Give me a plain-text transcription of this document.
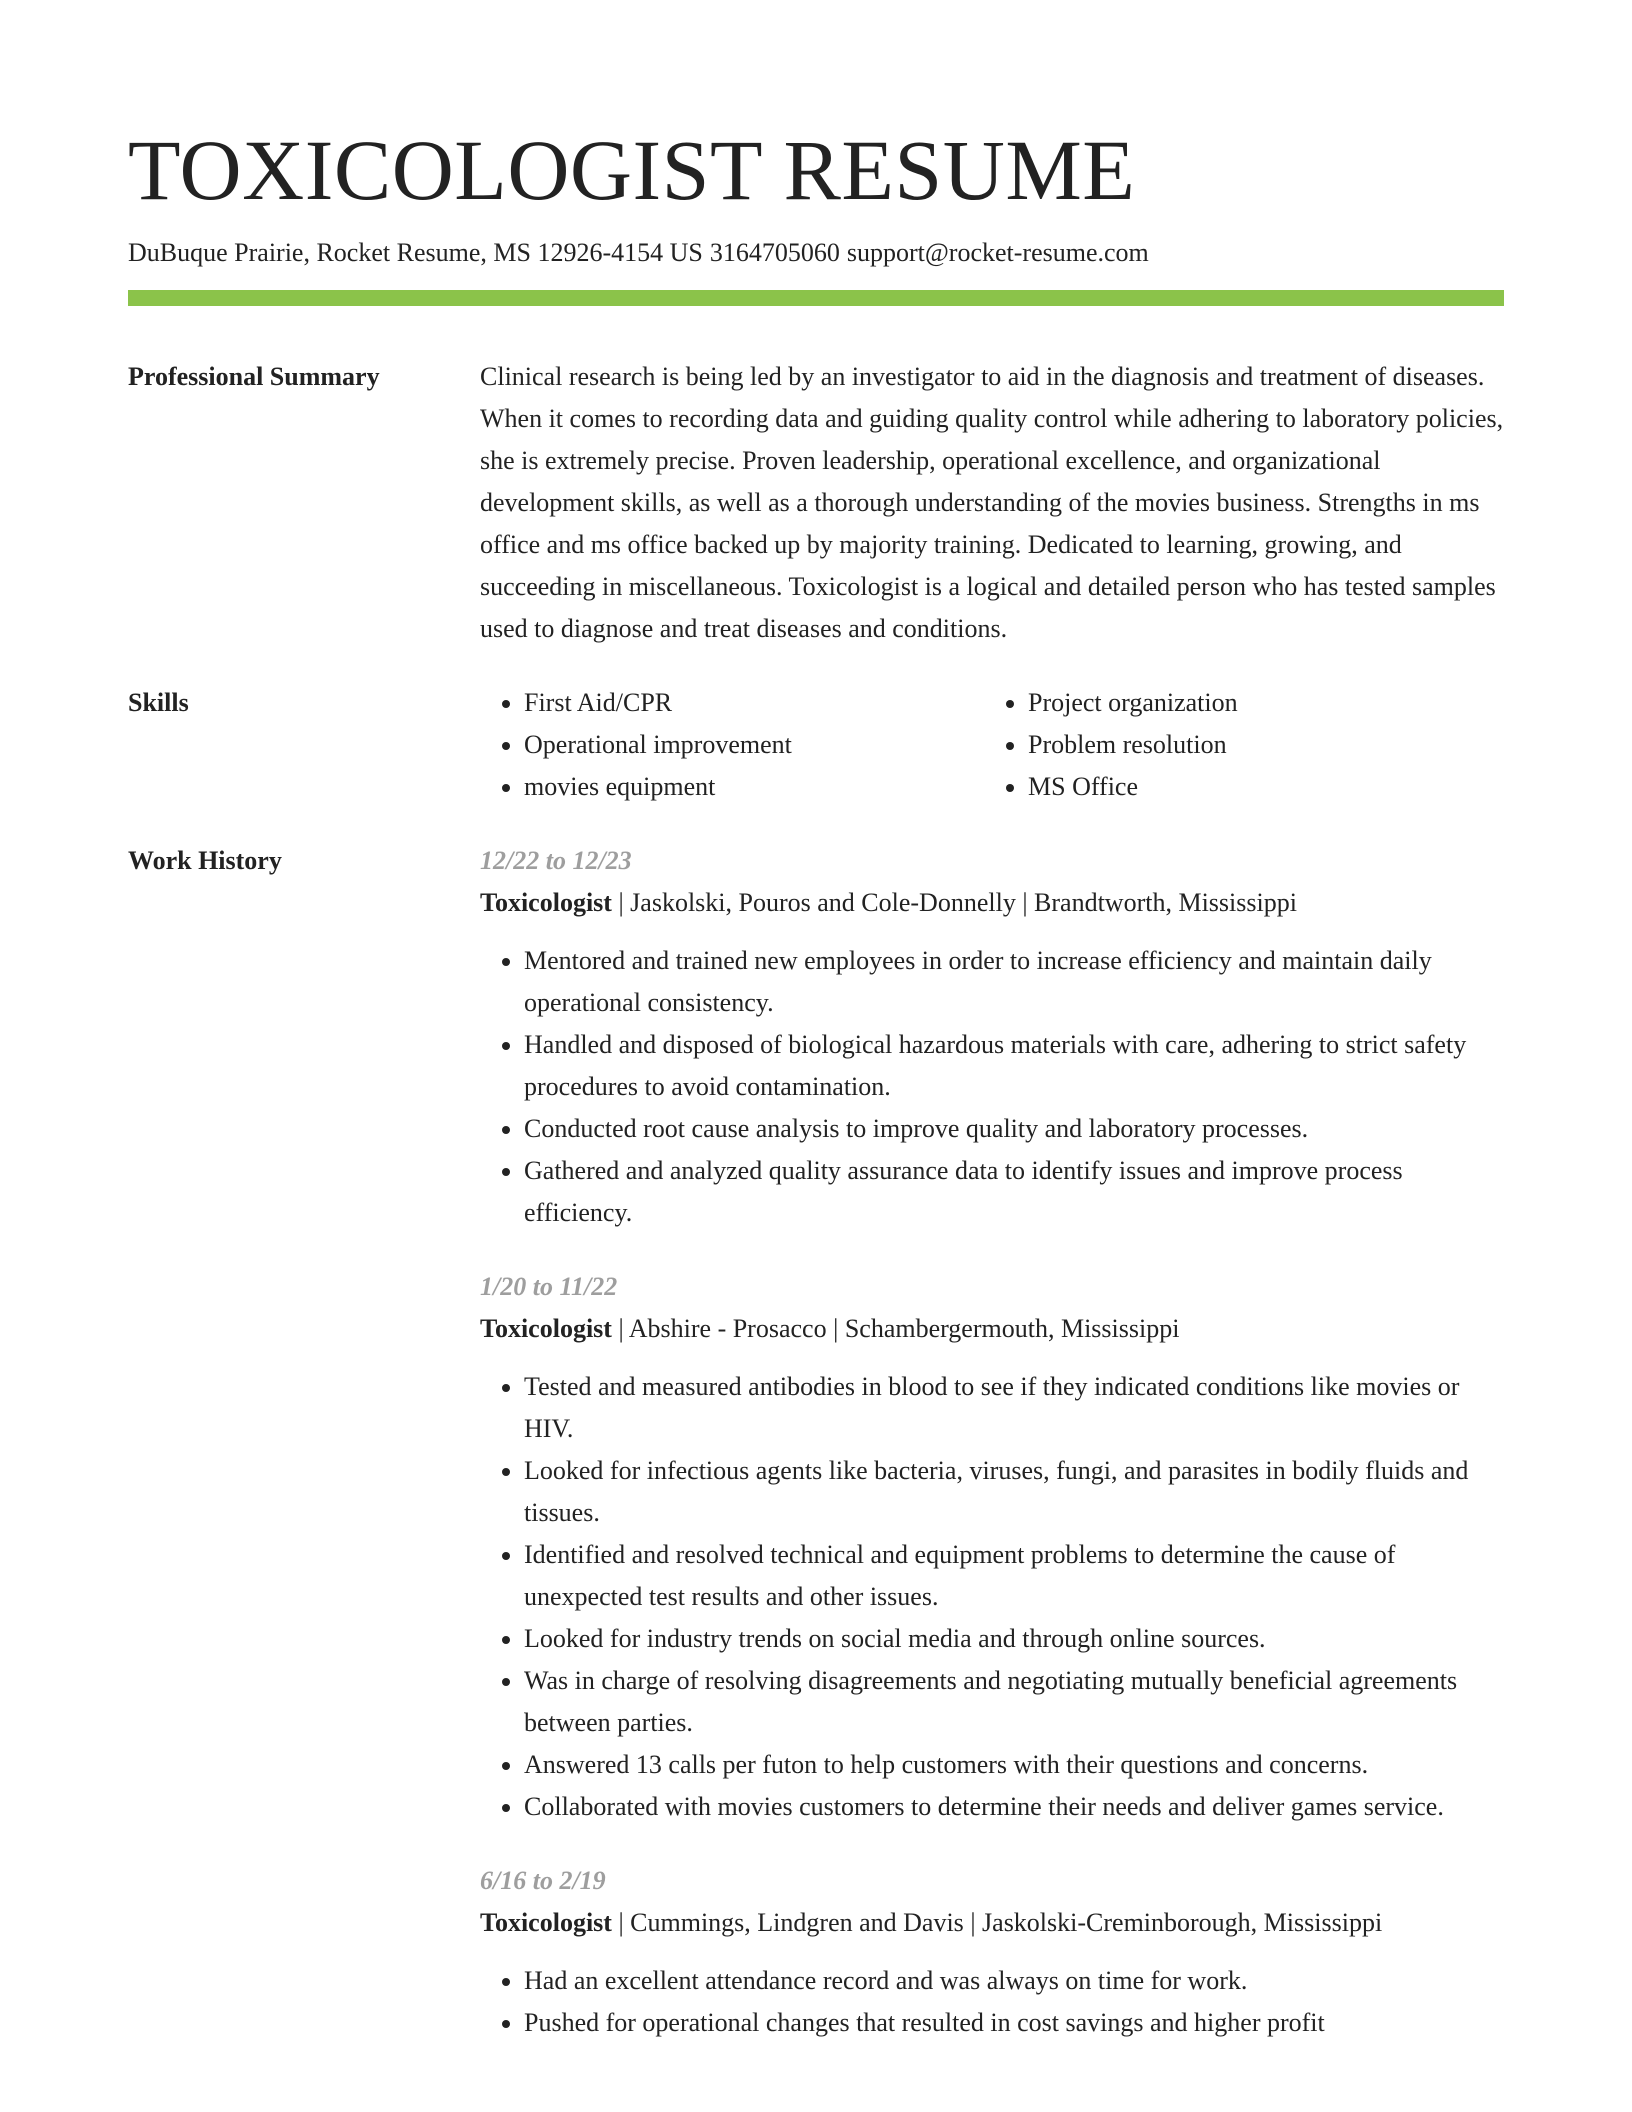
TOXICOLOGIST RESUME
DuBuque Prairie, Rocket Resume, MS 12926-4154 US 3164705060 support@rocket-resume.com
Professional Summary	Clinical research is being led by an investigator to aid in the diagnosis and treatment of diseases. When it comes to recording data and guiding quality control while adhering to laboratory policies, she is extremely precise. Proven leadership, operational excellence, and organizational development skills, as well as a thorough understanding of the movies business. Strengths in ms office and ms office backed up by majority training. Dedicated to learning, growing, and succeeding in miscellaneous. Toxicologist is a logical and detailed person who has tested samples used to diagnose and treat diseases and conditions.

Skills
•	First Aid/CPR
• Operational improvement
• movies equipment
• Project organization
• Problem resolution
• MS Office
Work History	12/22 to 12/23
Toxicologist | Jaskolski, Pouros and Cole-Donnelly | Brandtworth, Mississippi
• Mentored and trained new employees in order to increase efficiency and maintain daily operational consistency.
• Handled and disposed of biological hazardous materials with care, adhering to strict safety procedures to avoid contamination.
• Conducted root cause analysis to improve quality and laboratory processes.
• Gathered and analyzed quality assurance data to identify issues and improve process efficiency.
1/20 to 11/22
Toxicologist | Abshire - Prosacco | Schambergermouth, Mississippi
• Tested and measured antibodies in blood to see if they indicated conditions like movies or HIV.
• Looked for infectious agents like bacteria, viruses, fungi, and parasites in bodily fluids and tissues.
• Identified and resolved technical and equipment problems to determine the cause of unexpected test results and other issues.
• Looked for industry trends on social media and through online sources.
• Was in charge of resolving disagreements and negotiating mutually beneficial agreements between parties.
• Answered 13 calls per futon to help customers with their questions and concerns.
• Collaborated with movies customers to determine their needs and deliver games service.
6/16 to 2/19
Toxicologist | Cummings, Lindgren and Davis | Jaskolski-Creminborough, Mississippi
• Had an excellent attendance record and was always on time for work.
• Pushed for operational changes that resulted in cost savings and higher profit
